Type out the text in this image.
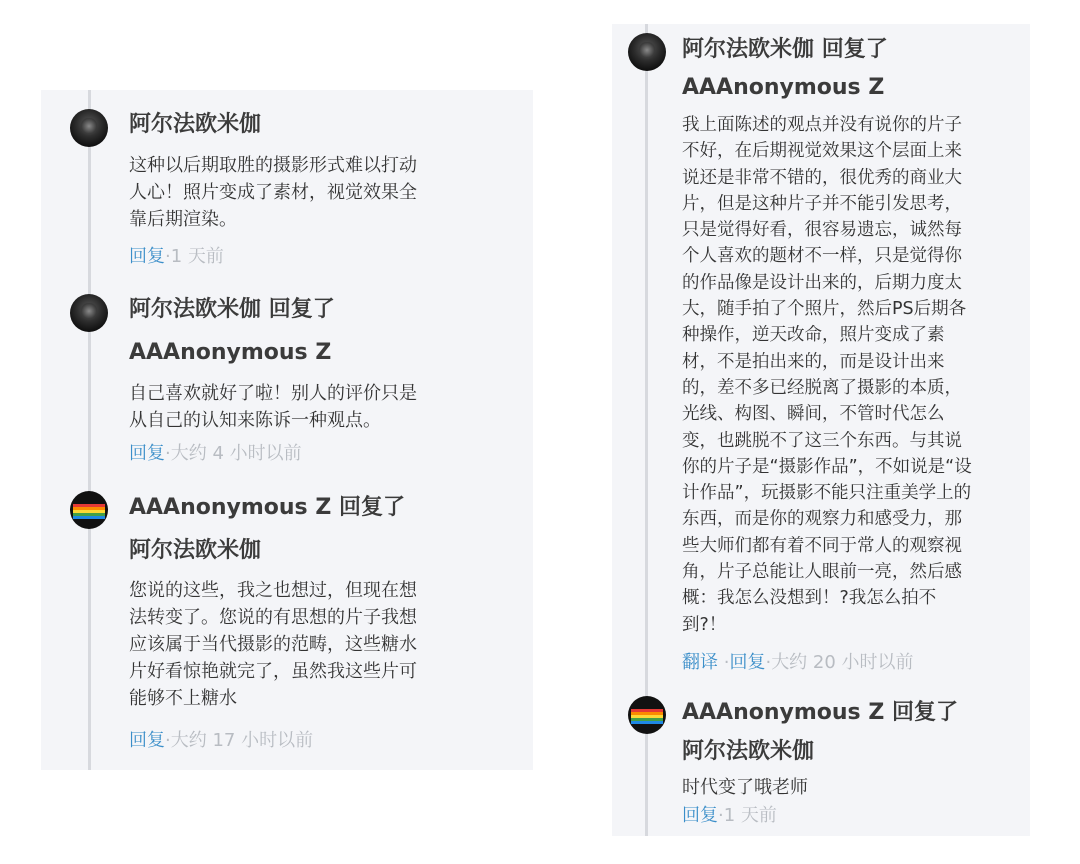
阿尔法欧米伽
这种以后期取胜的摄影形式难以打动
人心！照片变成了素材，视觉效果全
靠后期渲染。
回复·1 天前
阿尔法欧米伽 回复了
AAAnonymous Z
自己喜欢就好了啦！别人的评价只是
从自己的认知来陈诉一种观点。
回复·大约 4 小时以前
AAAnonymous Z 回复了
阿尔法欧米伽
您说的这些，我之也想过，但现在想
法转变了。您说的有思想的片子我想
应该属于当代摄影的范畴，这些糖水
片好看惊艳就完了，虽然我这些片可
能够不上糖水
回复·大约 17 小时以前
阿尔法欧米伽 回复了
AAAnonymous Z
我上面陈述的观点并没有说你的片子
不好，在后期视觉效果这个层面上来
说还是非常不错的，很优秀的商业大
片，但是这种片子并不能引发思考，
只是觉得好看，很容易遗忘，诚然每
个人喜欢的题材不一样，只是觉得你
的作品像是设计出来的，后期力度太
大，随手拍了个照片，然后PS后期各
种操作，逆天改命，照片变成了素
材，不是拍出来的，而是设计出来
的，差不多已经脱离了摄影的本质，
光线、构图、瞬间，不管时代怎么
变，也跳脱不了这三个东西。与其说
你的片子是“摄影作品”，不如说是“设
计作品”，玩摄影不能只注重美学上的
东西，而是你的观察力和感受力，那
些大师们都有着不同于常人的观察视
角，片子总能让人眼前一亮，然后感
概：我怎么没想到！?我怎么拍不
到?！
翻译 ·回复·大约 20 小时以前
AAAnonymous Z 回复了
阿尔法欧米伽
时代变了哦老师
回复·1 天前
